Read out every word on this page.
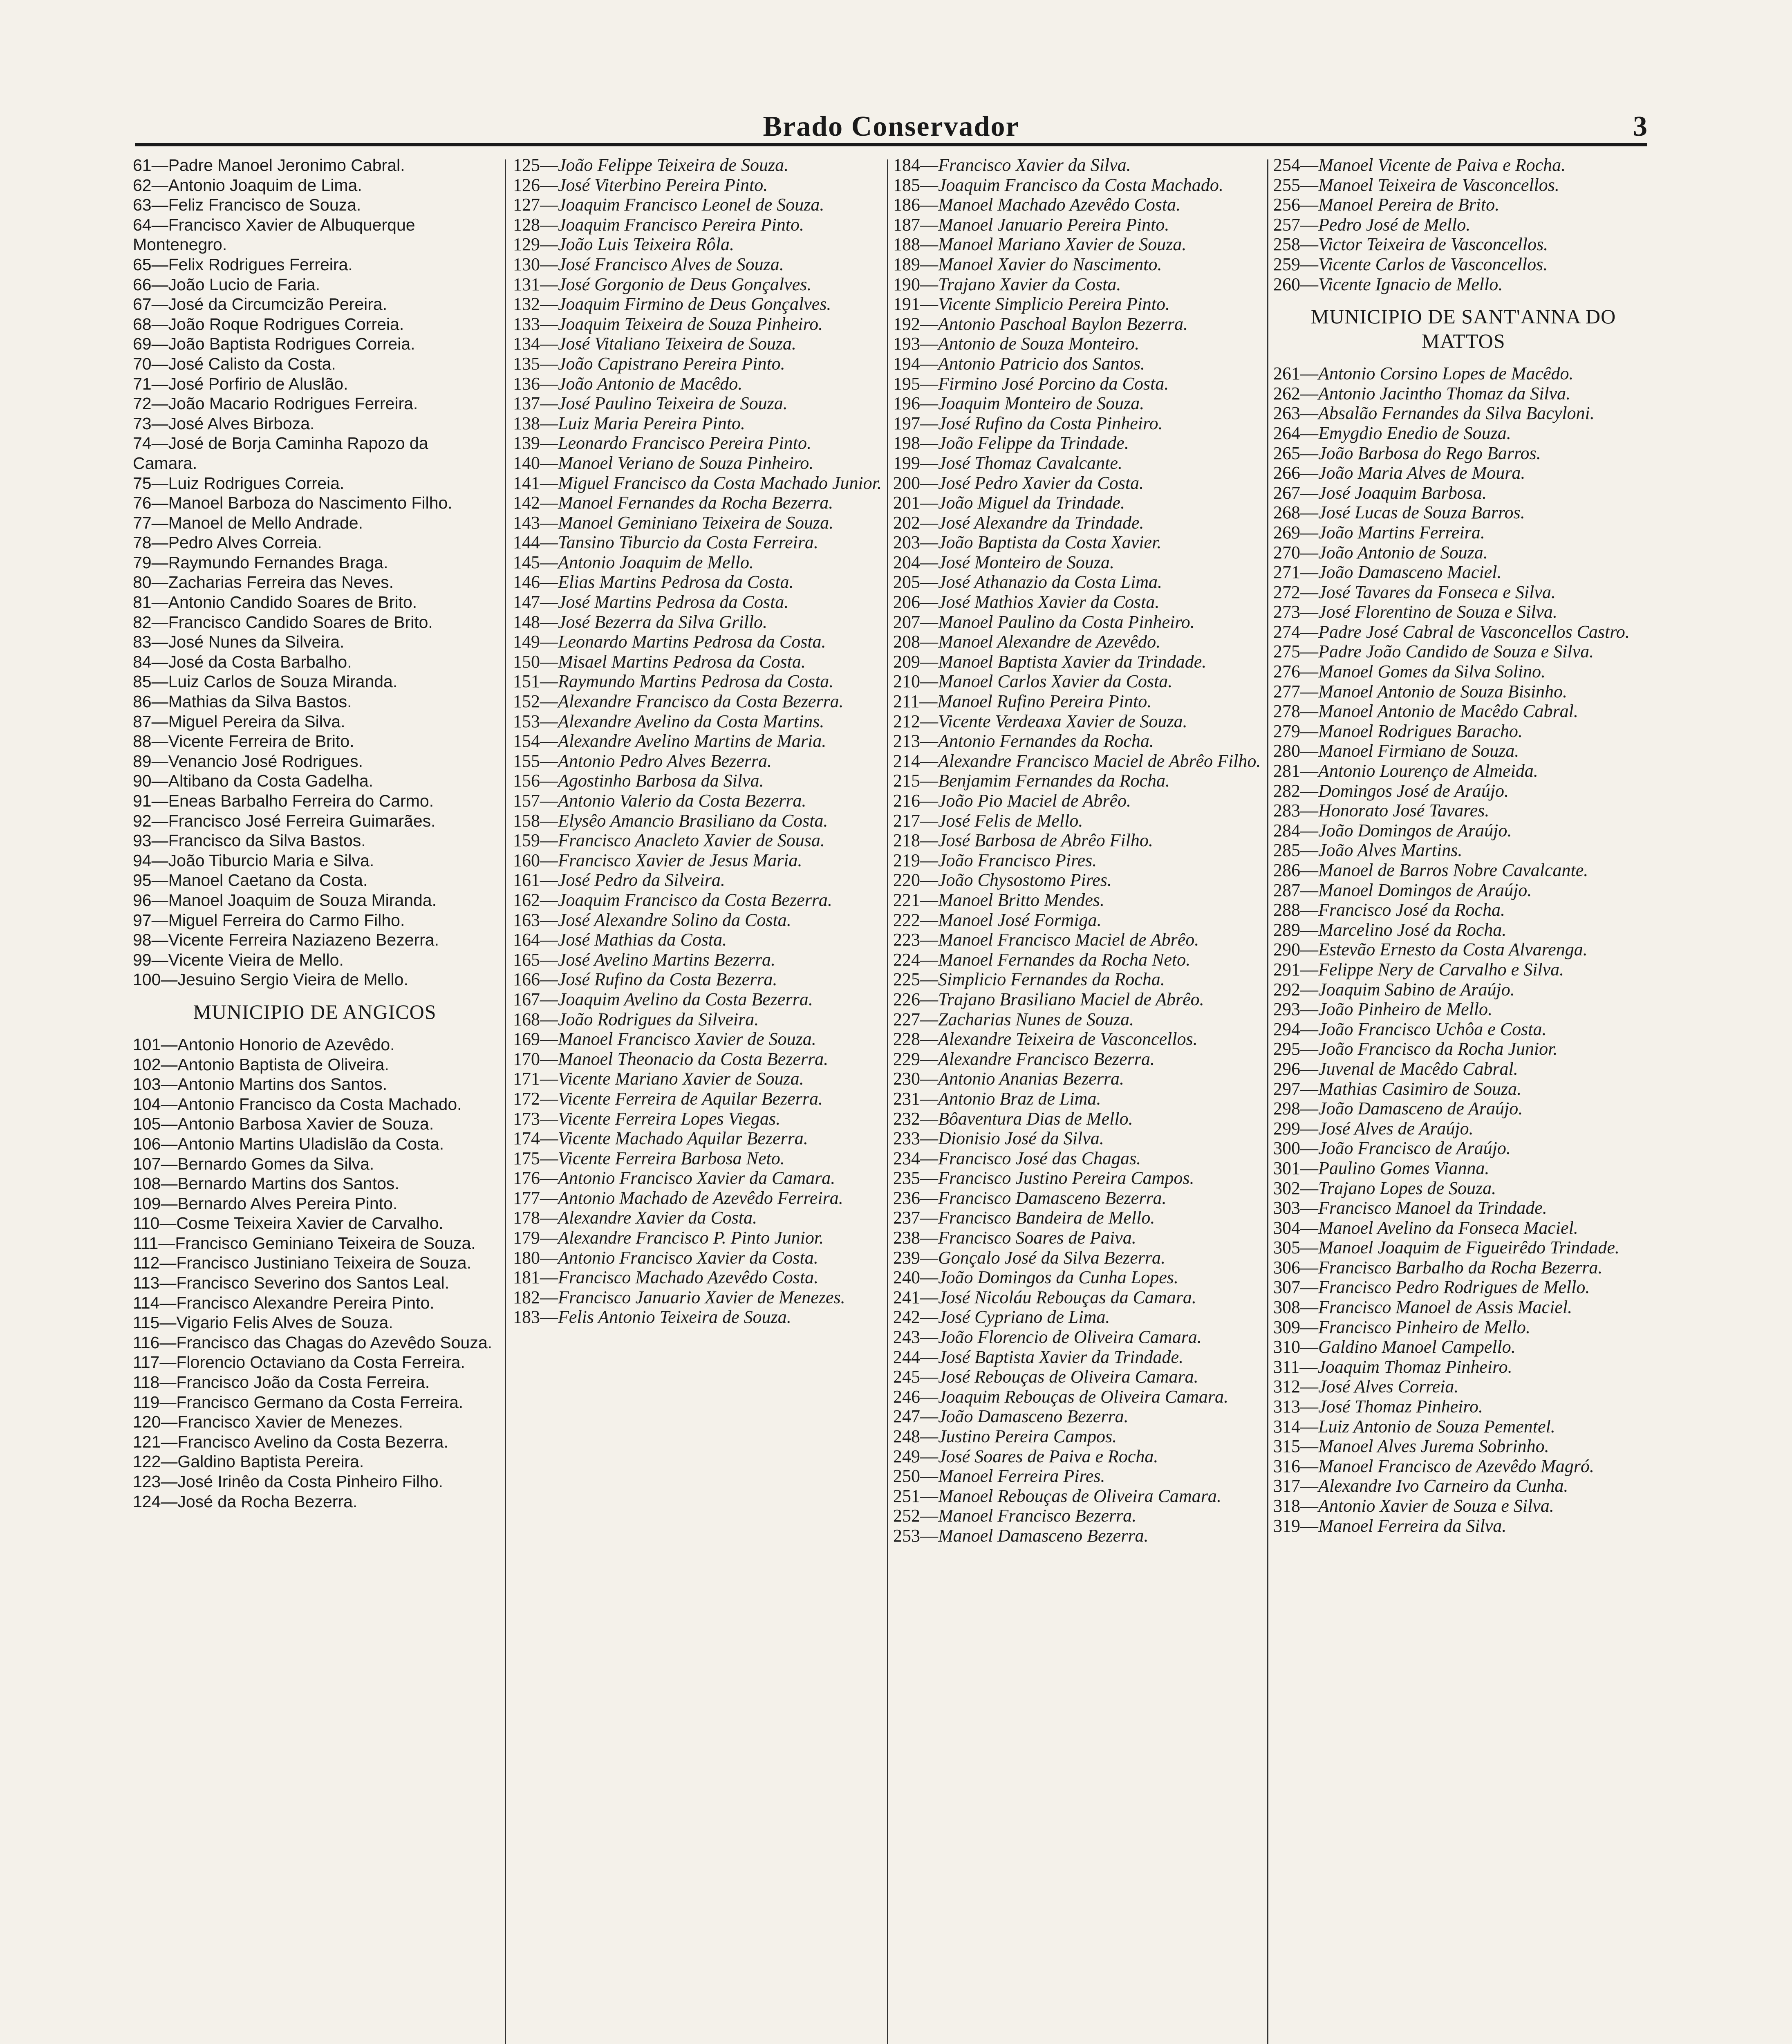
Brado Conservador	3
61—Padre Manoel Jeronimo Cabral.
62—Antonio Joaquim de Lima.
63—Feliz Francisco de Souza.
64—Francisco Xavier de Albuquerque Montenegro.
65—Felix Rodrigues Ferreira.
66—João Lucio de Faria.
67—José da Circumcizão Pereira.
68—João Roque Rodrigues Correia.
69—João Baptista Rodrigues Correia.
70—José Calisto da Costa.
71—José Porfirio de Aluslão.
72—João Macario Rodrigues Ferreira.
73—José Alves Birboza.
74—José de Borja Caminha Rapozo da Camara.
75—Luiz Rodrigues Correia.
76—Manoel Barboza do Nascimento Filho.
77—Manoel de Mello Andrade.
78—Pedro Alves Correia.
79—Raymundo Fernandes Braga.
80—Zacharias Ferreira das Neves.
81—Antonio Candido Soares de Brito.
82—Francisco Candido Soares de Brito.
83—José Nunes da Silveira.
84—José da Costa Barbalho.
85—Luiz Carlos de Souza Miranda.
86—Mathias da Silva Bastos.
87—Miguel Pereira da Silva.
88—Vicente Ferreira de Brito.
89—Venancio José Rodrigues.
90—Altibano da Costa Gadelha.
91—Eneas Barbalho Ferreira do Carmo.
92—Francisco José Ferreira Guimarães.
93—Francisco da Silva Bastos.
94—João Tiburcio Maria e Silva.
95—Manoel Caetano da Costa.
96—Manoel Joaquim de Souza Miranda.
97—Miguel Ferreira do Carmo Filho.
98—Vicente Ferreira Naziazeno Bezerra.
99—Vicente Vieira de Mello.
100—Jesuino Sergio Vieira de Mello.
MUNICIPIO DE ANGICOS
101—Antonio Honorio de Azevêdo.
102—Antonio Baptista de Oliveira.
103—Antonio Martins dos Santos.
104—Antonio Francisco da Costa Machado.
105—Antonio Barbosa Xavier de Souza.
106—Antonio Martins Uladislão da Costa.
107—Bernardo Gomes da Silva.
108—Bernardo Martins dos Santos.
109—Bernardo Alves Pereira Pinto.
110—Cosme Teixeira Xavier de Carvalho.
111—Francisco Geminiano Teixeira de Souza.
112—Francisco Justiniano Teixeira de Souza.
113—Francisco Severino dos Santos Leal.
114—Francisco Alexandre Pereira Pinto.
115—Vigario Felis Alves de Souza.
116—Francisco das Chagas do Azevêdo Souza.
117—Florencio Octaviano da Costa Ferreira.
118—Francisco João da Costa Ferreira.
119—Francisco Germano da Costa Ferreira.
120—Francisco Xavier de Menezes.
121—Francisco Avelino da Costa Bezerra.
122—Galdino Baptista Pereira.
123—José Irinêo da Costa Pinheiro Filho.
124—José da Rocha Bezerra.
125—João Felippe Teixeira de Souza.
126—José Viterbino Pereira Pinto.
127—Joaquim Francisco Leonel de Souza.
128—Joaquim Francisco Pereira Pinto.
129—João Luis Teixeira Rôla.
130—José Francisco Alves de Souza.
131—José Gorgonio de Deus Gonçalves.
132—Joaquim Firmino de Deus Gonçalves.
133—Joaquim Teixeira de Souza Pinheiro.
134—José Vitaliano Teixeira de Souza.
135—João Capistrano Pereira Pinto.
136—João Antonio de Macêdo.
137—José Paulino Teixeira de Souza.
138—Luiz Maria Pereira Pinto.
139—Leonardo Francisco Pereira Pinto.
140—Manoel Veriano de Souza Pinheiro.
141—Miguel Francisco da Costa Machado Junior.
142—Manoel Fernandes da Rocha Bezerra.
143—Manoel Geminiano Teixeira de Souza.
144—Tansino Tiburcio da Costa Ferreira.
145—Antonio Joaquim de Mello.
146—Elias Martins Pedrosa da Costa.
147—José Martins Pedrosa da Costa.
148—José Bezerra da Silva Grillo.
149—Leonardo Martins Pedrosa da Costa.
150—Misael Martins Pedrosa da Costa.
151—Raymundo Martins Pedrosa da Costa.
152—Alexandre Francisco da Costa Bezerra.
153—Alexandre Avelino da Costa Martins.
154—Alexandre Avelino Martins de Maria.
155—Antonio Pedro Alves Bezerra.
156—Agostinho Barbosa da Silva.
157—Antonio Valerio da Costa Bezerra.
158—Elysêo Amancio Brasiliano da Costa.
159—Francisco Anacleto Xavier de Sousa.
160—Francisco Xavier de Jesus Maria.
161—José Pedro da Silveira.
162—Joaquim Francisco da Costa Bezerra.
163—José Alexandre Solino da Costa.
164—José Mathias da Costa.
165—José Avelino Martins Bezerra.
166—José Rufino da Costa Bezerra.
167—Joaquim Avelino da Costa Bezerra.
168—João Rodrigues da Silveira.
169—Manoel Francisco Xavier de Souza.
170—Manoel Theonacio da Costa Bezerra.
171—Vicente Mariano Xavier de Souza.
172—Vicente Ferreira de Aquilar Bezerra.
173—Vicente Ferreira Lopes Viegas.
174—Vicente Machado Aquilar Bezerra.
175—Vicente Ferreira Barbosa Neto.
176—Antonio Francisco Xavier da Camara.
177—Antonio Machado de Azevêdo Ferreira.
178—Alexandre Xavier da Costa.
179—Alexandre Francisco P. Pinto Junior.
180—Antonio Francisco Xavier da Costa.
181—Francisco Machado Azevêdo Costa.
182—Francisco Januario Xavier de Menezes.
183—Felis Antonio Teixeira de Souza.
184—Francisco Xavier da Silva.
185—Joaquim Francisco da Costa Machado.
186—Manoel Machado Azevêdo Costa.
187—Manoel Januario Pereira Pinto.
188—Manoel Mariano Xavier de Souza.
189—Manoel Xavier do Nascimento.
190—Trajano Xavier da Costa.
191—Vicente Simplicio Pereira Pinto.
192—Antonio Paschoal Baylon Bezerra.
193—Antonio de Souza Monteiro.
194—Antonio Patricio dos Santos.
195—Firmino José Porcino da Costa.
196—Joaquim Monteiro de Souza.
197—José Rufino da Costa Pinheiro.
198—João Felippe da Trindade.
199—José Thomaz Cavalcante.
200—José Pedro Xavier da Costa.
201—João Miguel da Trindade.
202—José Alexandre da Trindade.
203—João Baptista da Costa Xavier.
204—José Monteiro de Souza.
205—José Athanazio da Costa Lima.
206—José Mathios Xavier da Costa.
207—Manoel Paulino da Costa Pinheiro.
208—Manoel Alexandre de Azevêdo.
209—Manoel Baptista Xavier da Trindade.
210—Manoel Carlos Xavier da Costa.
211—Manoel Rufino Pereira Pinto.
212—Vicente Verdeaxa Xavier de Souza.
213—Antonio Fernandes da Rocha.
214—Alexandre Francisco Maciel de Abrêo Filho.
215—Benjamim Fernandes da Rocha.
216—João Pio Maciel de Abrêo.
217—José Felis de Mello.
218—José Barbosa de Abrêo Filho.
219—João Francisco Pires.
220—João Chysostomo Pires.
221—Manoel Britto Mendes.
222—Manoel José Formiga.
223—Manoel Francisco Maciel de Abrêo.
224—Manoel Fernandes da Rocha Neto.
225—Simplicio Fernandes da Rocha.
226—Trajano Brasiliano Maciel de Abrêo.
227—Zacharias Nunes de Souza.
228—Alexandre Teixeira de Vasconcellos.
229—Alexandre Francisco Bezerra.
230—Antonio Ananias Bezerra.
231—Antonio Braz de Lima.
232—Bôaventura Dias de Mello.
233—Dionisio José da Silva.
234—Francisco José das Chagas.
235—Francisco Justino Pereira Campos.
236—Francisco Damasceno Bezerra.
237—Francisco Bandeira de Mello.
238—Francisco Soares de Paiva.
239—Gonçalo José da Silva Bezerra.
240—João Domingos da Cunha Lopes.
241—José Nicoláu Rebouças da Camara.
242—José Cypriano de Lima.
243—João Florencio de Oliveira Camara.
244—José Baptista Xavier da Trindade.
245—José Rebouças de Oliveira Camara.
246—Joaquim Rebouças de Oliveira Camara.
247—João Damasceno Bezerra.
248—Justino Pereira Campos.
249—José Soares de Paiva e Rocha.
250—Manoel Ferreira Pires.
251—Manoel Rebouças de Oliveira Camara.
252—Manoel Francisco Bezerra.
253—Manoel Damasceno Bezerra.
254—Manoel Vicente de Paiva e Rocha.
255—Manoel Teixeira de Vasconcellos.
256—Manoel Pereira de Brito.
257—Pedro José de Mello.
258—Victor Teixeira de Vasconcellos.
259—Vicente Carlos de Vasconcellos.
260—Vicente Ignacio de Mello.
MUNICIPIO DE SANT'ANNA DO MATTOS
261—Antonio Corsino Lopes de Macêdo.
262—Antonio Jacintho Thomaz da Silva.
263—Absalão Fernandes da Silva Bacyloni.
264—Emygdio Enedio de Souza.
265—João Barbosa do Rego Barros.
266—João Maria Alves de Moura.
267—José Joaquim Barbosa.
268—José Lucas de Souza Barros.
269—João Martins Ferreira.
270—João Antonio de Souza.
271—João Damasceno Maciel.
272—José Tavares da Fonseca e Silva.
273—José Florentino de Souza e Silva.
274—Padre José Cabral de Vasconcellos Castro.
275—Padre João Candido de Souza e Silva.
276—Manoel Gomes da Silva Solino.
277—Manoel Antonio de Souza Bisinho.
278—Manoel Antonio de Macêdo Cabral.
279—Manoel Rodrigues Baracho.
280—Manoel Firmiano de Souza.
281—Antonio Lourenço de Almeida.
282—Domingos José de Araújo.
283—Honorato José Tavares.
284—João Domingos de Araújo.
285—João Alves Martins.
286—Manoel de Barros Nobre Cavalcante.
287—Manoel Domingos de Araújo.
288—Francisco José da Rocha.
289—Marcelino José da Rocha.
290—Estevão Ernesto da Costa Alvarenga.
291—Felippe Nery de Carvalho e Silva.
292—Joaquim Sabino de Araújo.
293—João Pinheiro de Mello.
294—João Francisco Uchôa e Costa.
295—João Francisco da Rocha Junior.
296—Juvenal de Macêdo Cabral.
297—Mathias Casimiro de Souza.
298—João Damasceno de Araújo.
299—José Alves de Araújo.
300—João Francisco de Araújo.
301—Paulino Gomes Vianna.
302—Trajano Lopes de Souza.
303—Francisco Manoel da Trindade.
304—Manoel Avelino da Fonseca Maciel.
305—Manoel Joaquim de Figueirêdo Trindade.
306—Francisco Barbalho da Rocha Bezerra.
307—Francisco Pedro Rodrigues de Mello.
308—Francisco Manoel de Assis Maciel.
309—Francisco Pinheiro de Mello.
310—Galdino Manoel Campello.
311—Joaquim Thomaz Pinheiro.
312—José Alves Correia.
313—José Thomaz Pinheiro.
314—Luiz Antonio de Souza Pementel.
315—Manoel Alves Jurema Sobrinho.
316—Manoel Francisco de Azevêdo Magró.
317—Alexandre Ivo Carneiro da Cunha.
318—Antonio Xavier de Souza e Silva.
319—Manoel Ferreira da Silva.
